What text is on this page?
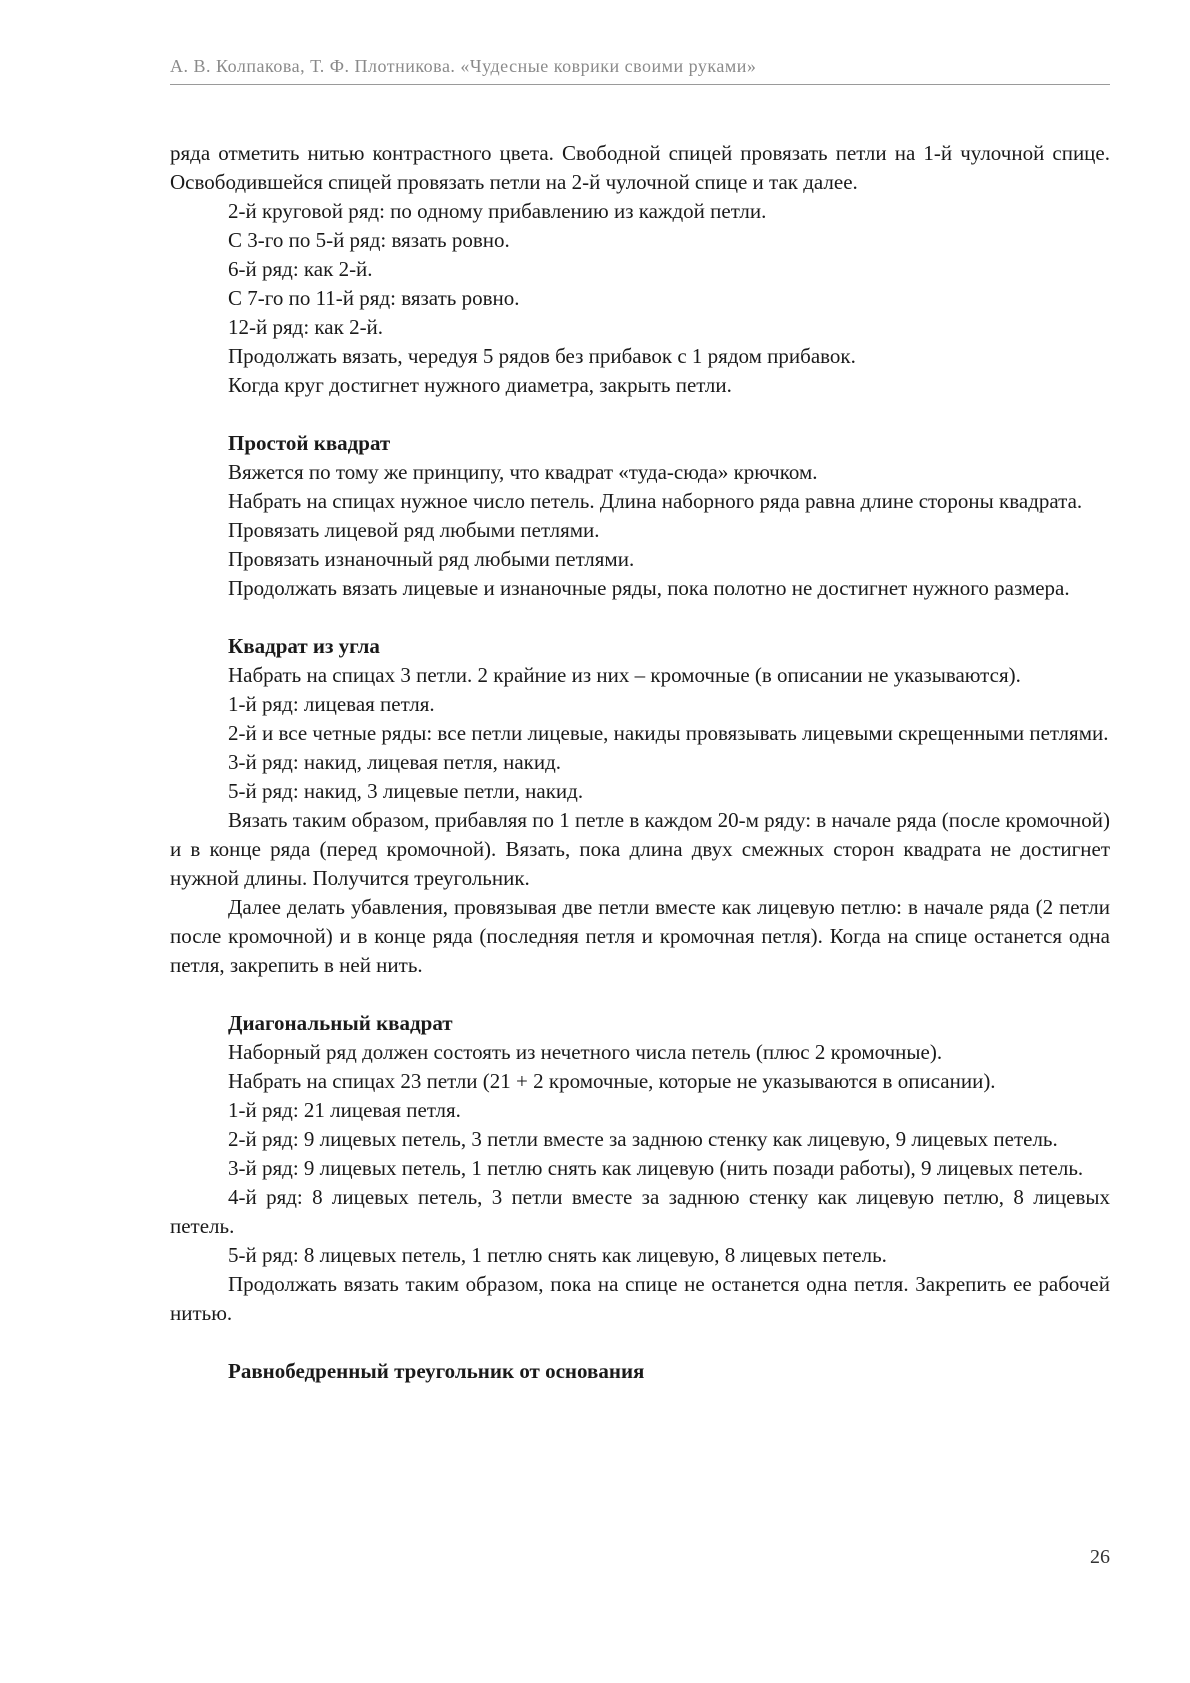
А. В. Колпакова, Т. Ф. Плотникова. «Чудесные коврики своими руками»

ряда отметить нитью контрастного цвета. Свободной спицей провязать петли на 1-й чулочной спице. Освободившейся спицей провязать петли на 2-й чулочной спице и так далее.

2-й круговой ряд: по одному прибавлению из каждой петли.

С 3-го по 5-й ряд: вязать ровно.

6-й ряд: как 2-й.

С 7-го по 11-й ряд: вязать ровно.

12-й ряд: как 2-й.

Продолжать вязать, чередуя 5 рядов без прибавок с 1 рядом прибавок.

Когда круг достигнет нужного диаметра, закрыть петли.

Простой квадрат

Вяжется по тому же принципу, что квадрат «туда-сюда» крючком.

Набрать на спицах нужное число петель. Длина наборного ряда равна длине стороны квадрата.

Провязать лицевой ряд любыми петлями.

Провязать изнаночный ряд любыми петлями.

Продолжать вязать лицевые и изнаночные ряды, пока полотно не достигнет нужного размера.

Квадрат из угла

Набрать на спицах 3 петли. 2 крайние из них – кромочные (в описании не указываются).

1-й ряд: лицевая петля.

2-й и все четные ряды: все петли лицевые, накиды провязывать лицевыми скрещенными петлями.

3-й ряд: накид, лицевая петля, накид.

5-й ряд: накид, 3 лицевые петли, накид.

Вязать таким образом, прибавляя по 1 петле в каждом 20-м ряду: в начале ряда (после кромочной) и в конце ряда (перед кромочной). Вязать, пока длина двух смежных сторон квадрата не достигнет нужной длины. Получится треугольник.

Далее делать убавления, провязывая две петли вместе как лицевую петлю: в начале ряда (2 петли после кромочной) и в конце ряда (последняя петля и кромочная петля). Когда на спице останется одна петля, закрепить в ней нить.

Диагональный квадрат

Наборный ряд должен состоять из нечетного числа петель (плюс 2 кромочные).

Набрать на спицах 23 петли (21 + 2 кромочные, которые не указываются в описании).

1-й ряд: 21 лицевая петля.

2-й ряд: 9 лицевых петель, 3 петли вместе за заднюю стенку как лицевую, 9 лицевых петель.

3-й ряд: 9 лицевых петель, 1 петлю снять как лицевую (нить позади работы), 9 лицевых петель.

4-й ряд: 8 лицевых петель, 3 петли вместе за заднюю стенку как лицевую петлю, 8 лицевых петель.

5-й ряд: 8 лицевых петель, 1 петлю снять как лицевую, 8 лицевых петель.

Продолжать вязать таким образом, пока на спице не останется одна петля. Закрепить ее рабочей нитью.

Равнобедренный треугольник от основания

26
